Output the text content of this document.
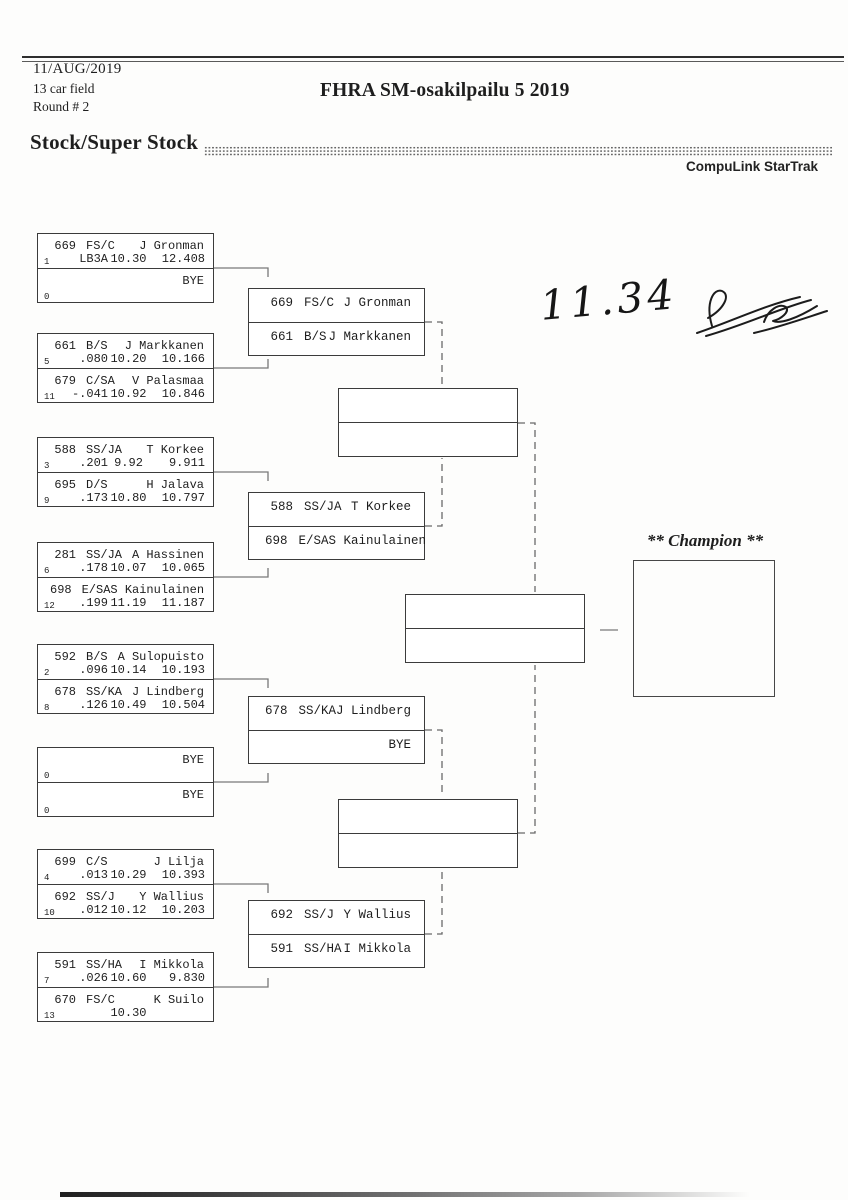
11/AUG/2019
13 car field
Round # 2
FHRA SM-osakilpailu 5 2019
Stock/Super Stock
CompuLink StarTrak
669 FS/C J Gronman
1	LB3A 10.30	12.408
BYE
0
661 B/S J Markkanen
5	.080 10.20	10.166
679 C/SA V Palasmaa
11	-.041 10.92	10.846
588 SS/JA T Korkee
3	.201 9.92	9.911
695 D/S	H Jalava
9	.173 10.80	10.797
281 SS/JA A Hassinen
6	.178 10.07	10.065
698 E/SA S Kainulainen
12	.199 11.19	11.187
592 B/S A Sulopuisto
2	.096 10.14	10.193
678 SS/KA J Lindberg
8	.126 10.49	10.504
BYE
0
BYE
0
699 C/S	J Lilja
4	.013 10.29	10.393
692 SS/J Y Wallius
10	.012 10.12	10.203
591 SS/HA I Mikkola
7	.026 10.60	9.830
670 FS/C	K Suilo
13	10.30
669 FS/C J Gronman
661 B/S J Markkanen
588 SS/JA T Korkee
698 E/SA S Kainulainen
678 SS/KA J Lindberg
BYE
692 SS/J Y Wallius
591 SS/HA I Mikkola
** Champion **
11.34
